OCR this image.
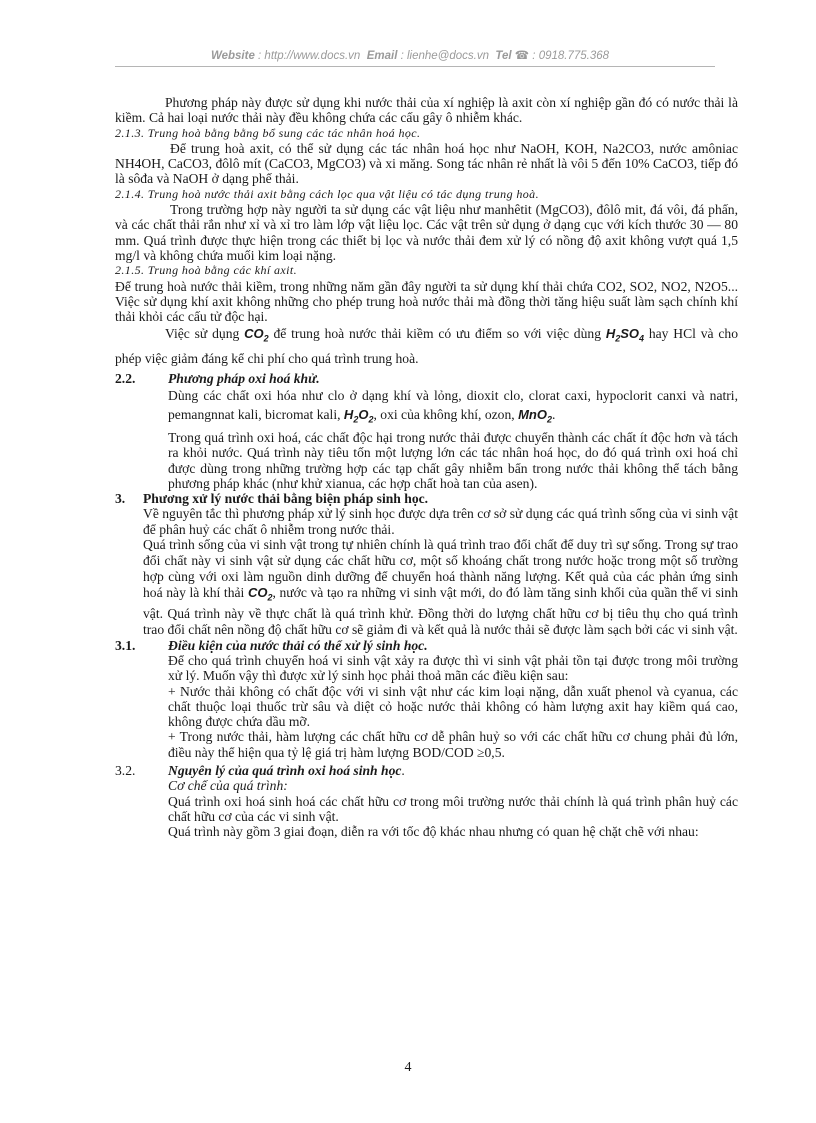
Website : http://www.docs.vn Email : lienhe@docs.vn Tel ☎ : 0918.775.368

Phương pháp này được sử dụng khi nước thải của xí nghiệp là axit còn xí nghiệp gần đó có nước thải là kiềm. Cả hai loại nước thải này đều không chứa các cấu gây ô nhiễm khác.

2.1.3. Trung hoà bằng bằng bổ sung các tác nhân hoá học.

Để trung hoà axit, có thể sử dụng các tác nhân hoá học như NaOH, KOH, Na2CO3, nước amôniac NH4OH, CaCO3, đôlô mít (CaCO3, MgCO3) và xi măng. Song tác nhân rẻ nhất là vôi 5 đến 10% CaCO3, tiếp đó là sôđa và NaOH ở dạng phế thải.

2.1.4. Trung hoà nước thải axit bằng cách lọc qua vật liệu có tác dụng trung hoà.

Trong trường hợp này người ta sử dụng các vật liệu như manhêtit (MgCO3), đôlô mit, đá vôi, đá phấn, và các chất thải rắn như xỉ và xỉ tro làm lớp vật liệu lọc. Các vật trên sử dụng ở dạng cục với kích thước 30 — 80 mm. Quá trình được thực hiện trong các thiết bị lọc và nước thải đem xử lý có nồng độ axit không vượt quá 1,5 mg/l và không chứa muối kim loại nặng.

2.1.5. Trung hoà bằng các khí axit.

Để trung hoà nước thải kiềm, trong những năm gần đây người ta sử dụng khí thải chứa CO2, SO2, NO2, N2O5... Việc sử dụng khí axit không những cho phép trung hoà nước thải mà đồng thời tăng hiệu suất làm sạch chính khí thải khỏi các cấu tử độc hại.

Việc sử dụng $CO_2$ để trung hoà nước thải kiềm có ưu điểm so với việc dùng $H_2SO_4$ hay HCl và cho phép việc giảm đáng kể chi phí cho quá trình trung hoà.

2.2.	Phương pháp oxi hoá khử.

Dùng các chất oxi hóa như clo ở dạng khí và lỏng, dioxit clo, clorat caxi, hypoclorit canxi và natri, pemangnnat kali, bicromat kali, $H_2O_2$, oxi của không khí, ozon, MnO$_2$.

Trong quá trình oxi hoá, các chất độc hại trong nước thải được chuyển thành các chất ít độc hơn và tách ra khỏi nước. Quá trình này tiêu tốn một lượng lớn các tác nhân hoá học, do đó quá trình oxi hoá chỉ được dùng trong những trường hợp các tạp chất gây nhiễm bẩn trong nước thải không thể tách bằng phương pháp khác (như khử xianua, các hợp chất hoà tan của asen).

3.	Phương xử lý nước thải bằng biện pháp sinh học.

Về nguyên tắc thì phương pháp xử lý sinh học được dựa trên cơ sở sử dụng các quá trình sống của vi sinh vật để phân huỷ các chất ô nhiễm trong nước thải.

Quá trình sống của vi sinh vật trong tự nhiên chính là quá trình trao đổi chất để duy trì sự sống. Trong sự trao đổi chất này vi sinh vật sử dụng các chất hữu cơ, một số khoáng chất trong nước hoặc trong một số trường hợp cùng với oxi làm nguồn dinh dưỡng để chuyển hoá thành năng lượng. Kết quả của các phản ứng sinh hoá này là khí thải $CO_2$, nước và tạo ra những vi sinh vật mới, do đó làm tăng sinh khối của quần thể vi sinh vật. Quá trình này về thực chất là quá trình khử. Đồng thời do lượng chất hữu cơ bị tiêu thụ cho quá trình trao đổi chất nên nồng độ chất hữu cơ sẽ giảm đi và kết quả là nước thải sẽ được làm sạch bởi các vi sinh vật.

3.1.	Điều kiện của nước thải có thể xử lý sinh học.

Để cho quá trình chuyển hoá vi sinh vật xảy ra được thì vi sinh vật phải tồn tại được trong môi trường xử lý. Muốn vậy thì được xử lý sinh học phải thoả mãn các điều kiện sau:

+ Nước thải không có chất độc với vi sinh vật như các kim loại nặng, dẫn xuất phenol và cyanua, các chất thuộc loại thuốc trừ sâu và diệt cỏ hoặc nước thải không có hàm lượng axit hay kiềm quá cao, không được chứa dầu mỡ.

+ Trong nước thải, hàm lượng các chất hữu cơ dễ phân huỷ so với các chất hữu cơ chung phải đủ lớn, điều này thể hiện qua tỷ lệ giá trị hàm lượng BOD/COD ≥0,5.

3.2.	Nguyên lý của quá trình oxi hoá sinh học.

Cơ chế của quá trình:

Quá trình oxi hoá sinh hoá các chất hữu cơ trong môi trường nước thải chính là quá trình phân huỷ các chất hữu cơ của các vi sinh vật.

Quá trình này gồm 3 giai đoạn, diễn ra với tốc độ khác nhau nhưng có quan hệ chặt chẽ với nhau:

4
